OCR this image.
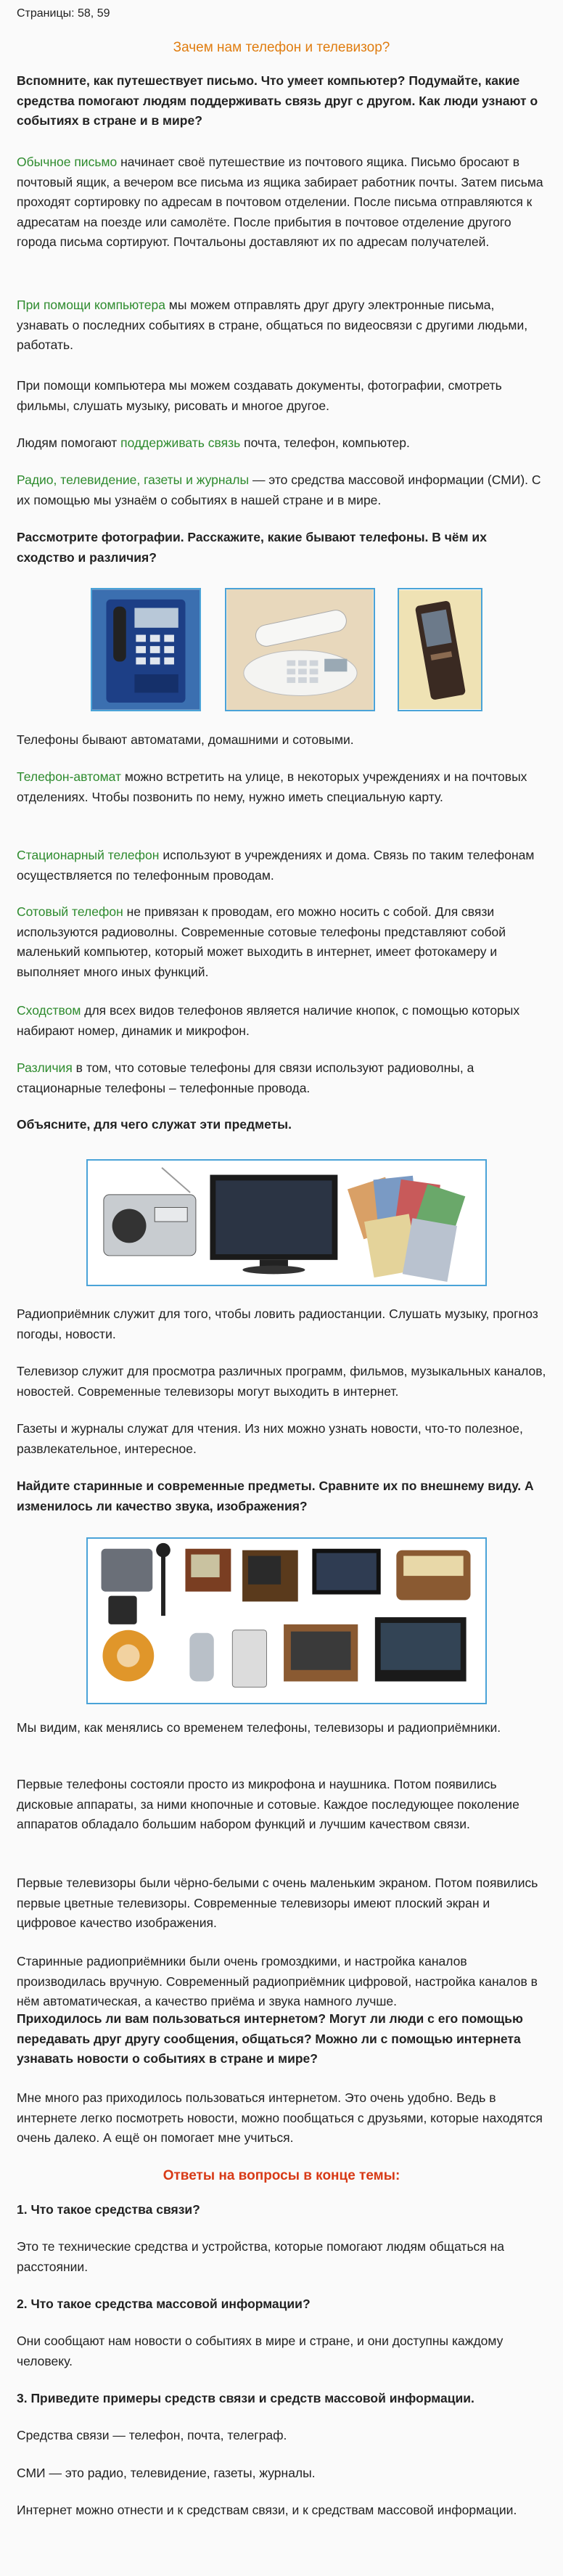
Страницы: 58, 59

Зачем нам телефон и телевизор?

Вспомните, как путешествует письмо. Что умеет компьютер? Подумайте, какие средства помогают людям поддерживать связь друг с другом. Как люди узнают о событиях в стране и в мире?

Обычное письмо начинает своё путешествие из почтового ящика. Письмо бросают в почтовый ящик, а вечером все письма из ящика забирает работник почты. Затем письма проходят сортировку по адресам в почтовом отделении. После письма отправляются к адресатам на поезде или самолёте. После прибытия в почтовое отделение другого города письма сортируют. Почтальоны доставляют их по адресам получателей.

При помощи компьютера мы можем отправлять друг другу электронные письма, узнавать о последних событиях в стране, общаться по видеосвязи с другими людьми, работать.

При помощи компьютера мы можем создавать документы, фотографии, смотреть фильмы, слушать музыку, рисовать и многое другое.

Людям помогают поддерживать связь почта, телефон, компьютер.

Радио, телевидение, газеты и журналы — это средства массовой информации (СМИ). С их помощью мы узнаём о событиях в нашей стране и в мире.

Рассмотрите фотографии. Расскажите, какие бывают телефоны. В чём их сходство и различия?

Телефоны бывают автоматами, домашними и сотовыми.

Телефон-автомат можно встретить на улице, в некоторых учреждениях и на почтовых отделениях. Чтобы позвонить по нему, нужно иметь специальную карту.

Стационарный телефон используют в учреждениях и дома. Связь по таким телефонам осуществляется по телефонным проводам.

Сотовый телефон не привязан к проводам, его можно носить с собой. Для связи используются радиоволны. Современные сотовые телефоны представляют собой маленький компьютер, который может выходить в интернет, имеет фотокамеру и выполняет много иных функций.

Сходством для всех видов телефонов является наличие кнопок, с помощью которых набирают номер, динамик и микрофон.

Различия в том, что сотовые телефоны для связи используют радиоволны, а стационарные телефоны – телефонные провода.

Объясните, для чего служат эти предметы.

Радиоприёмник служит для того, чтобы ловить радиостанции. Слушать музыку, прогноз погоды, новости.

Телевизор служит для просмотра различных программ, фильмов, музыкальных каналов, новостей. Современные телевизоры могут выходить в интернет.

Газеты и журналы служат для чтения. Из них можно узнать новости, что-то полезное, развлекательное, интересное.

Найдите старинные и современные предметы. Сравните их по внешнему виду. А изменилось ли качество звука, изображения?

Мы видим, как менялись со временем телефоны, телевизоры и радиоприёмники.

Первые телефоны состояли просто из микрофона и наушника. Потом появились дисковые аппараты, за ними кнопочные и сотовые. Каждое последующее поколение аппаратов обладало большим набором функций и лучшим качеством связи.

Первые телевизоры были чёрно-белыми с очень маленьким экраном. Потом появились первые цветные телевизоры. Современные телевизоры имеют плоский экран и цифровое качество изображения.

Старинные радиоприёмники были очень громоздкими, и настройка каналов производилась вручную. Современный радиоприёмник цифровой, настройка каналов в нём автоматическая, а качество приёма и звука намного лучше.

Приходилось ли вам пользоваться интернетом? Могут ли люди с его помощью передавать друг другу сообщения, общаться? Можно ли с помощью интернета узнавать новости о событиях в стране и мире?

Мне много раз приходилось пользоваться интернетом. Это очень удобно. Ведь в интернете легко посмотреть новости, можно пообщаться с друзьями, которые находятся очень далеко. А ещё он помогает мне учиться.

Ответы на вопросы в конце темы:

1. Что такое средства связи?

Это те технические средства и устройства, которые помогают людям общаться на расстоянии.

2. Что такое средства массовой информации?

Они сообщают нам новости о событиях в мире и стране, и они доступны каждому человеку.

3. Приведите примеры средств связи и средств массовой информации.

Средства связи — телефон, почта, телеграф.

СМИ — это радио, телевидение, газеты, журналы.

Интернет можно отнести и к средствам связи, и к средствам массовой информации.
